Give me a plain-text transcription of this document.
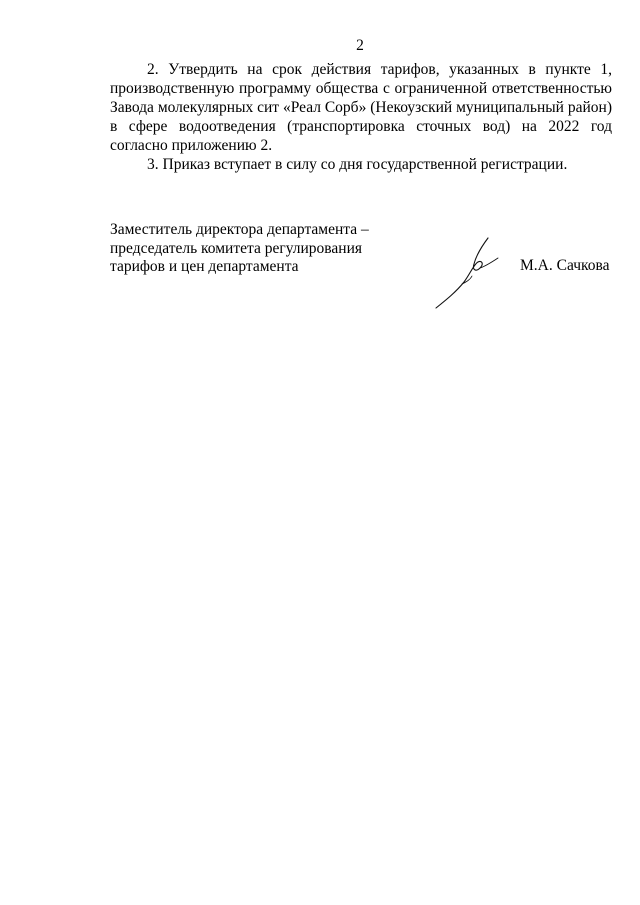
2

2. Утвердить на срок действия тарифов, указанных в пункте 1, производственную программу общества с ограниченной ответственностью Завода молекулярных сит «Реал Сорб» (Некоузский муниципальный район) в сфере водоотведения (транспортировка сточных вод) на 2022 год согласно приложению 2.

3. Приказ вступает в силу со дня государственной регистрации.

Заместитель директора департамента –
председатель комитета регулирования
тарифов и цен департамента	М.А. Сачкова
